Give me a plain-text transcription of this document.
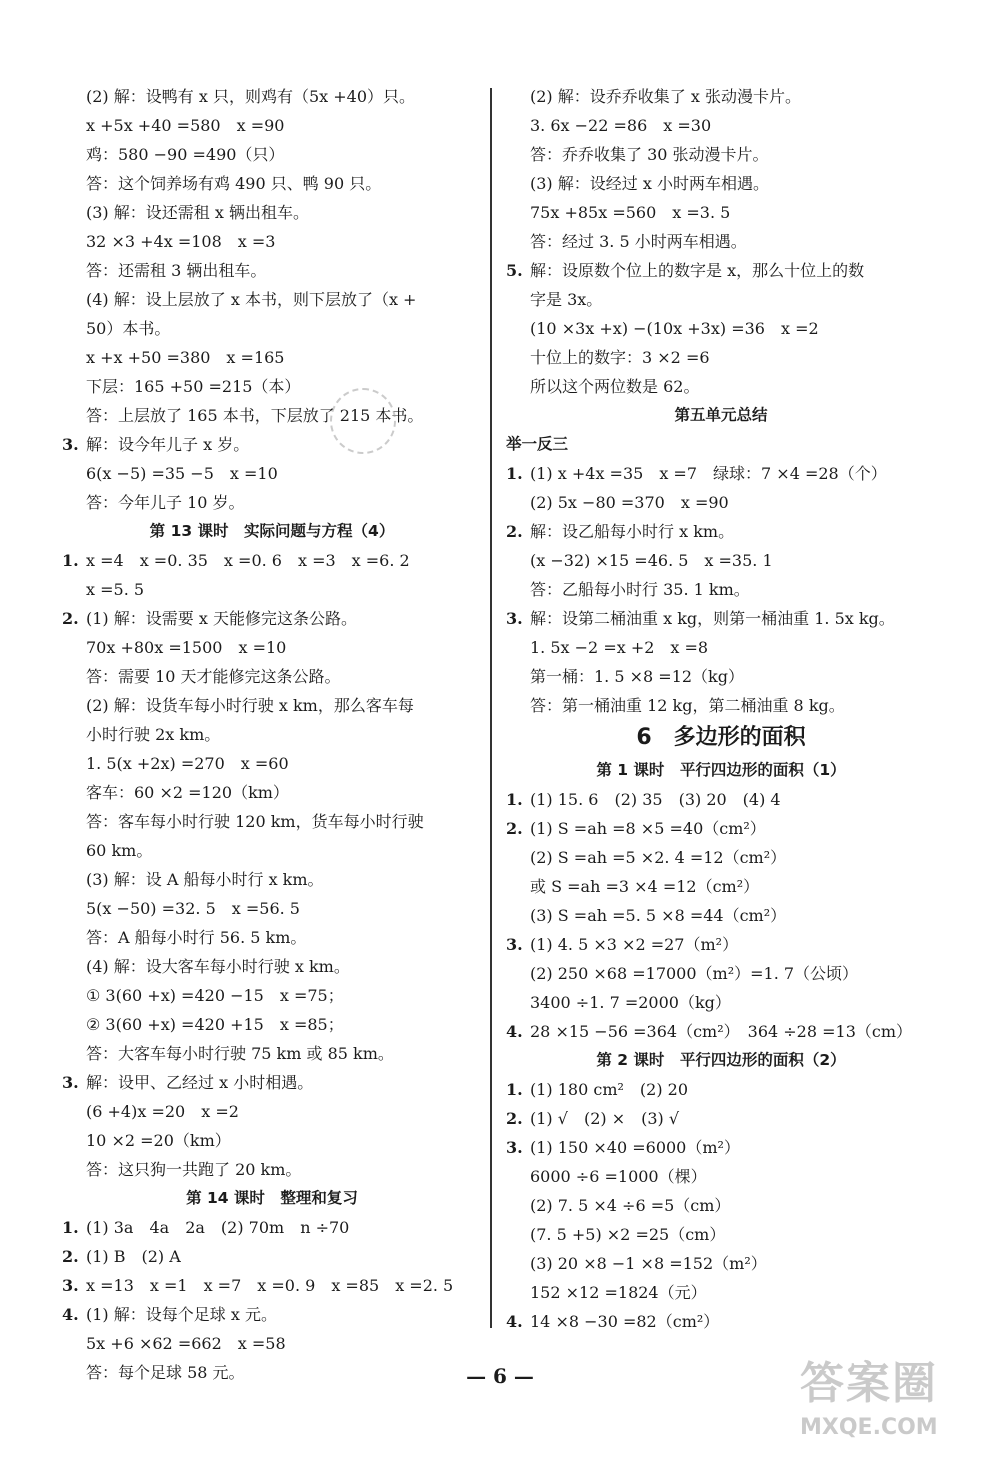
(2) 解：设鸭有 x 只，则鸡有（5x +40）只。
x +5x +40 =580　x =90
鸡：580 −90 =490（只）
答：这个饲养场有鸡 490 只、鸭 90 只。
(3) 解：设还需租 x 辆出租车。
32 ×3 +4x =108　x =3
答：还需租 3 辆出租车。
(4) 解：设上层放了 x 本书，则下层放了（x +
50）本书。
x +x +50 =380　x =165
下层：165 +50 =215（本）
答：上层放了 165 本书，下层放了 215 本书。
3. 解：设今年儿子 x 岁。
6(x −5) =35 −5　x =10
答：今年儿子 10 岁。
第 13 课时　实际问题与方程（4）
1. x =4　x =0. 35　x =0. 6　x =3　x =6. 2
x =5. 5
2. (1) 解：设需要 x 天能修完这条公路。
70x +80x =1500　x =10
答：需要 10 天才能修完这条公路。
(2) 解：设货车每小时行驶 x km，那么客车每
小时行驶 2x km。
1. 5(x +2x) =270　x =60
客车：60 ×2 =120（km）
答：客车每小时行驶 120 km，货车每小时行驶
60 km。
(3) 解：设 A 船每小时行 x km。
5(x −50) =32. 5　x =56. 5
答：A 船每小时行 56. 5 km。
(4) 解：设大客车每小时行驶 x km。
① 3(60 +x) =420 −15　x =75；
② 3(60 +x) =420 +15　x =85；
答：大客车每小时行驶 75 km 或 85 km。
3. 解：设甲、乙经过 x 小时相遇。
(6 +4)x =20　x =2
10 ×2 =20（km）
答：这只狗一共跑了 20 km。
第 14 课时　整理和复习
1. (1) 3a　4a　2a　(2) 70m　n ÷70
2. (1) B　(2) A
3. x =13　x =1　x =7　x =0. 9　x =85　x =2. 5
4. (1) 解：设每个足球 x 元。
5x +6 ×62 =662　x =58
答：每个足球 58 元。
(2) 解：设乔乔收集了 x 张动漫卡片。
3. 6x −22 =86　x =30
答：乔乔收集了 30 张动漫卡片。
(3) 解：设经过 x 小时两车相遇。
75x +85x =560　x =3. 5
答：经过 3. 5 小时两车相遇。
5. 解：设原数个位上的数字是 x，那么十位上的数
字是 3x。
(10 ×3x +x) −(10x +3x) =36　x =2
十位上的数字：3 ×2 =6
所以这个两位数是 62。
第五单元总结
举一反三
1. (1) x +4x =35　x =7　绿球：7 ×4 =28（个）
(2) 5x −80 =370　x =90
2. 解：设乙船每小时行 x km。
(x −32) ×15 =46. 5　x =35. 1
答：乙船每小时行 35. 1 km。
3. 解：设第二桶油重 x kg，则第一桶油重 1. 5x kg。
1. 5x −2 =x +2　x =8
第一桶：1. 5 ×8 =12（kg）
答：第一桶油重 12 kg，第二桶油重 8 kg。
6　多边形的面积
第 1 课时　平行四边形的面积（1）
1. (1) 15. 6　(2) 35　(3) 20　(4) 4
2. (1) S =ah =8 ×5 =40（cm²）
(2) S =ah =5 ×2. 4 =12（cm²）
或 S =ah =3 ×4 =12（cm²）
(3) S =ah =5. 5 ×8 =44（cm²）
3. (1) 4. 5 ×3 ×2 =27（m²）
(2) 250 ×68 =17000（m²）=1. 7（公顷）
3400 ÷1. 7 =2000（kg）
4. 28 ×15 −56 =364（cm²）　364 ÷28 =13（cm）
第 2 课时　平行四边形的面积（2）
1. (1) 180 cm²　(2) 20
2. (1) √　(2) ×　(3) √
3. (1) 150 ×40 =6000（m²）
6000 ÷6 =1000（棵）
(2) 7. 5 ×4 ÷6 =5（cm）
(7. 5 +5) ×2 =25（cm）
(3) 20 ×8 −1 ×8 =152（m²）
152 ×12 =1824（元）
4. 14 ×8 −30 =82（cm²）
— 6 —	答案圈
MXQE.COM
